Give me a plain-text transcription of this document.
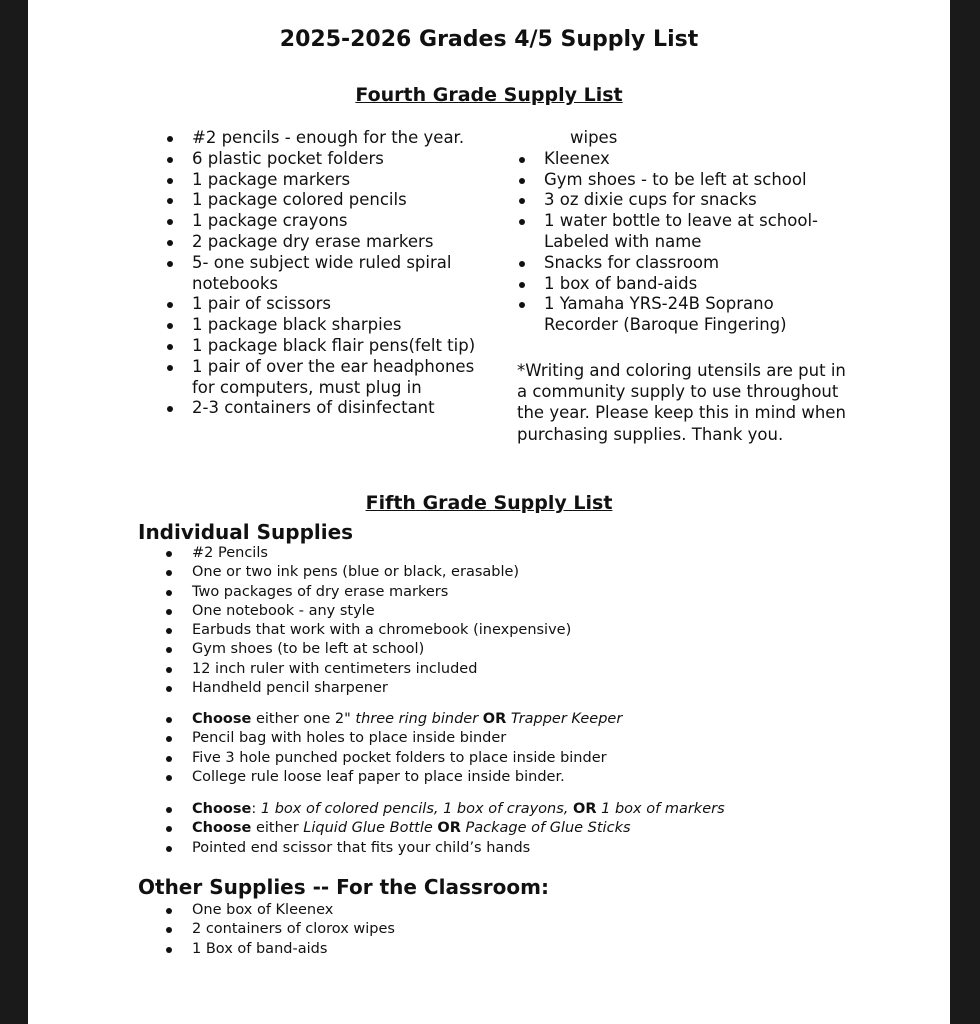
2025-2026 Grades 4/5 Supply List
Fourth Grade Supply List
#2 pencils - enough for the year.
6 plastic pocket folders
1 package markers
1 package colored pencils
1 package crayons
2 package dry erase markers
5- one subject wide ruled spiral notebooks
1 pair of scissors
1 package black sharpies
1 package black flair pens(felt tip)
1 pair of over the ear headphones for computers, must plug in
2-3 containers of disinfectant
wipes
Kleenex
Gym shoes - to be left at school
3 oz dixie cups for snacks
1 water bottle to leave at school-Labeled with name
Snacks for classroom
1 box of band-aids
1 Yamaha YRS-24B Soprano Recorder (Baroque Fingering)
*Writing and coloring utensils are put in a community supply to use throughout the year. Please keep this in mind when purchasing supplies. Thank you.
Fifth Grade Supply List
Individual Supplies
#2 Pencils
One or two ink pens (blue or black, erasable)
Two packages of dry erase markers
One notebook - any style
Earbuds that work with a chromebook (inexpensive)
Gym shoes (to be left at school)
12 inch ruler with centimeters included
Handheld pencil sharpener
Choose either one 2" three ring binder OR Trapper Keeper
Pencil bag with holes to place inside binder
Five 3 hole punched pocket folders to place inside binder
College rule loose leaf paper to place inside binder.
Choose: 1 box of colored pencils, 1 box of crayons, OR 1 box of markers
Choose either Liquid Glue Bottle OR Package of Glue Sticks
Pointed end scissor that fits your child’s hands
Other Supplies -- For the Classroom:
One box of Kleenex
2 containers of clorox wipes
1 Box of band-aids
